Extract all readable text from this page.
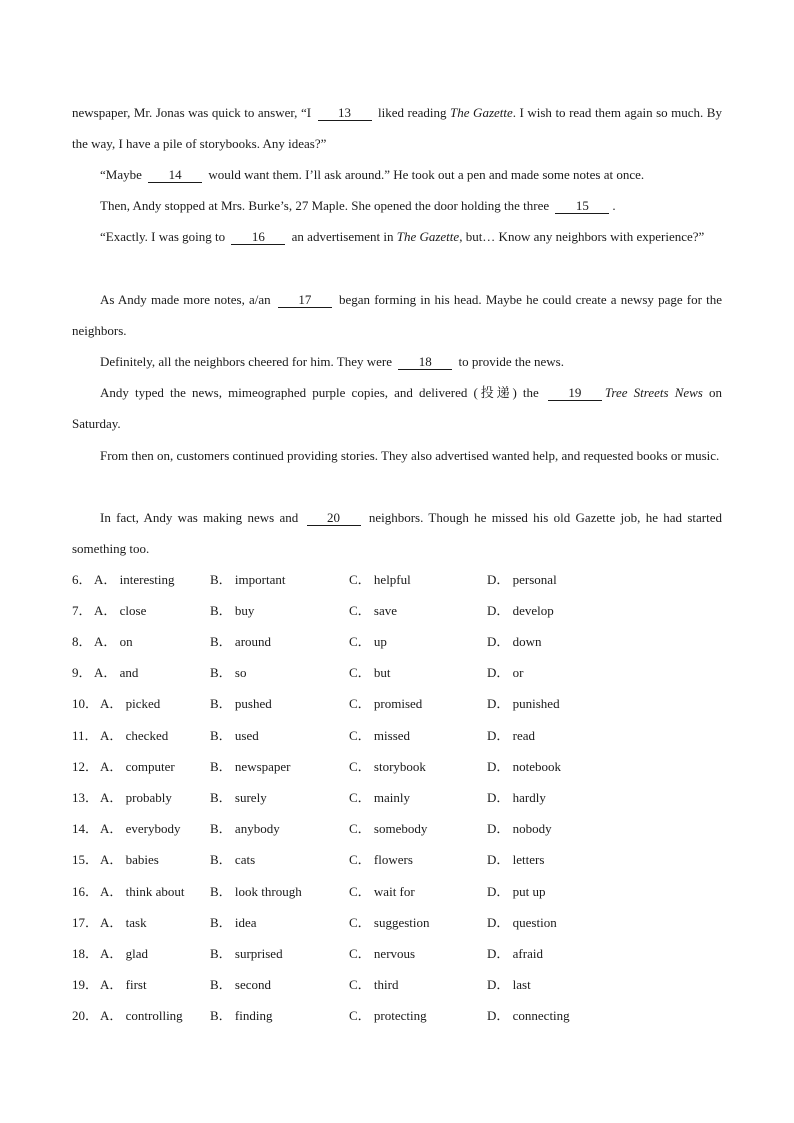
newspaper, Mr. Jonas was quick to answer, “I 13 liked reading The Gazette. I wish to read them again so much. By the way, I have a pile of storybooks. Any ideas?”

“Maybe 14 would want them. I’ll ask around.” He took out a pen and made some notes at once.

Then, Andy stopped at Mrs. Burke’s, 27 Maple. She opened the door holding the three 15 .

“Exactly. I was going to 16 an advertisement in The Gazette, but… Know any neighbors with experience?”

As Andy made more notes, a/an 17 began forming in his head. Maybe he could create a newsy page for the neighbors.

Definitely, all the neighbors cheered for him. They were 18 to provide the news.

Andy typed the news, mimeographed purple copies, and delivered (投递) the 19 Tree Streets News on Saturday.

From then on, customers continued providing stories. They also advertised wanted help, and requested books or music.

In fact, Andy was making news and 20 neighbors. Though he missed his old Gazette job, he had started something too.

6． A． interesting	B． important	C． helpful	D． personal
7． A． close	B． buy	C． save	D． develop
8． A． on	B． around	C． up	D． down
9． A． and	B． so	C． but	D． or
10． A． picked	B． pushed	C． promised	D． punished
11． A． checked	B． used	C． missed	D． read
12． A． computer	B． newspaper	C． storybook	D． notebook
13． A． probably	B． surely	C． mainly	D． hardly
14． A． everybody B． anybody	C． somebody	D． nobody
15． A． babies	B． cats	C． flowers	D． letters
16． A． think about B． look through	C． wait for	D． put up
17． A． task	B． idea	C． suggestion	D． question
18． A． glad	B． surprised	C． nervous	D． afraid
19． A． first	B． second	C． third	D． last
20． A． controlling B． finding	C． protecting	D． connecting
